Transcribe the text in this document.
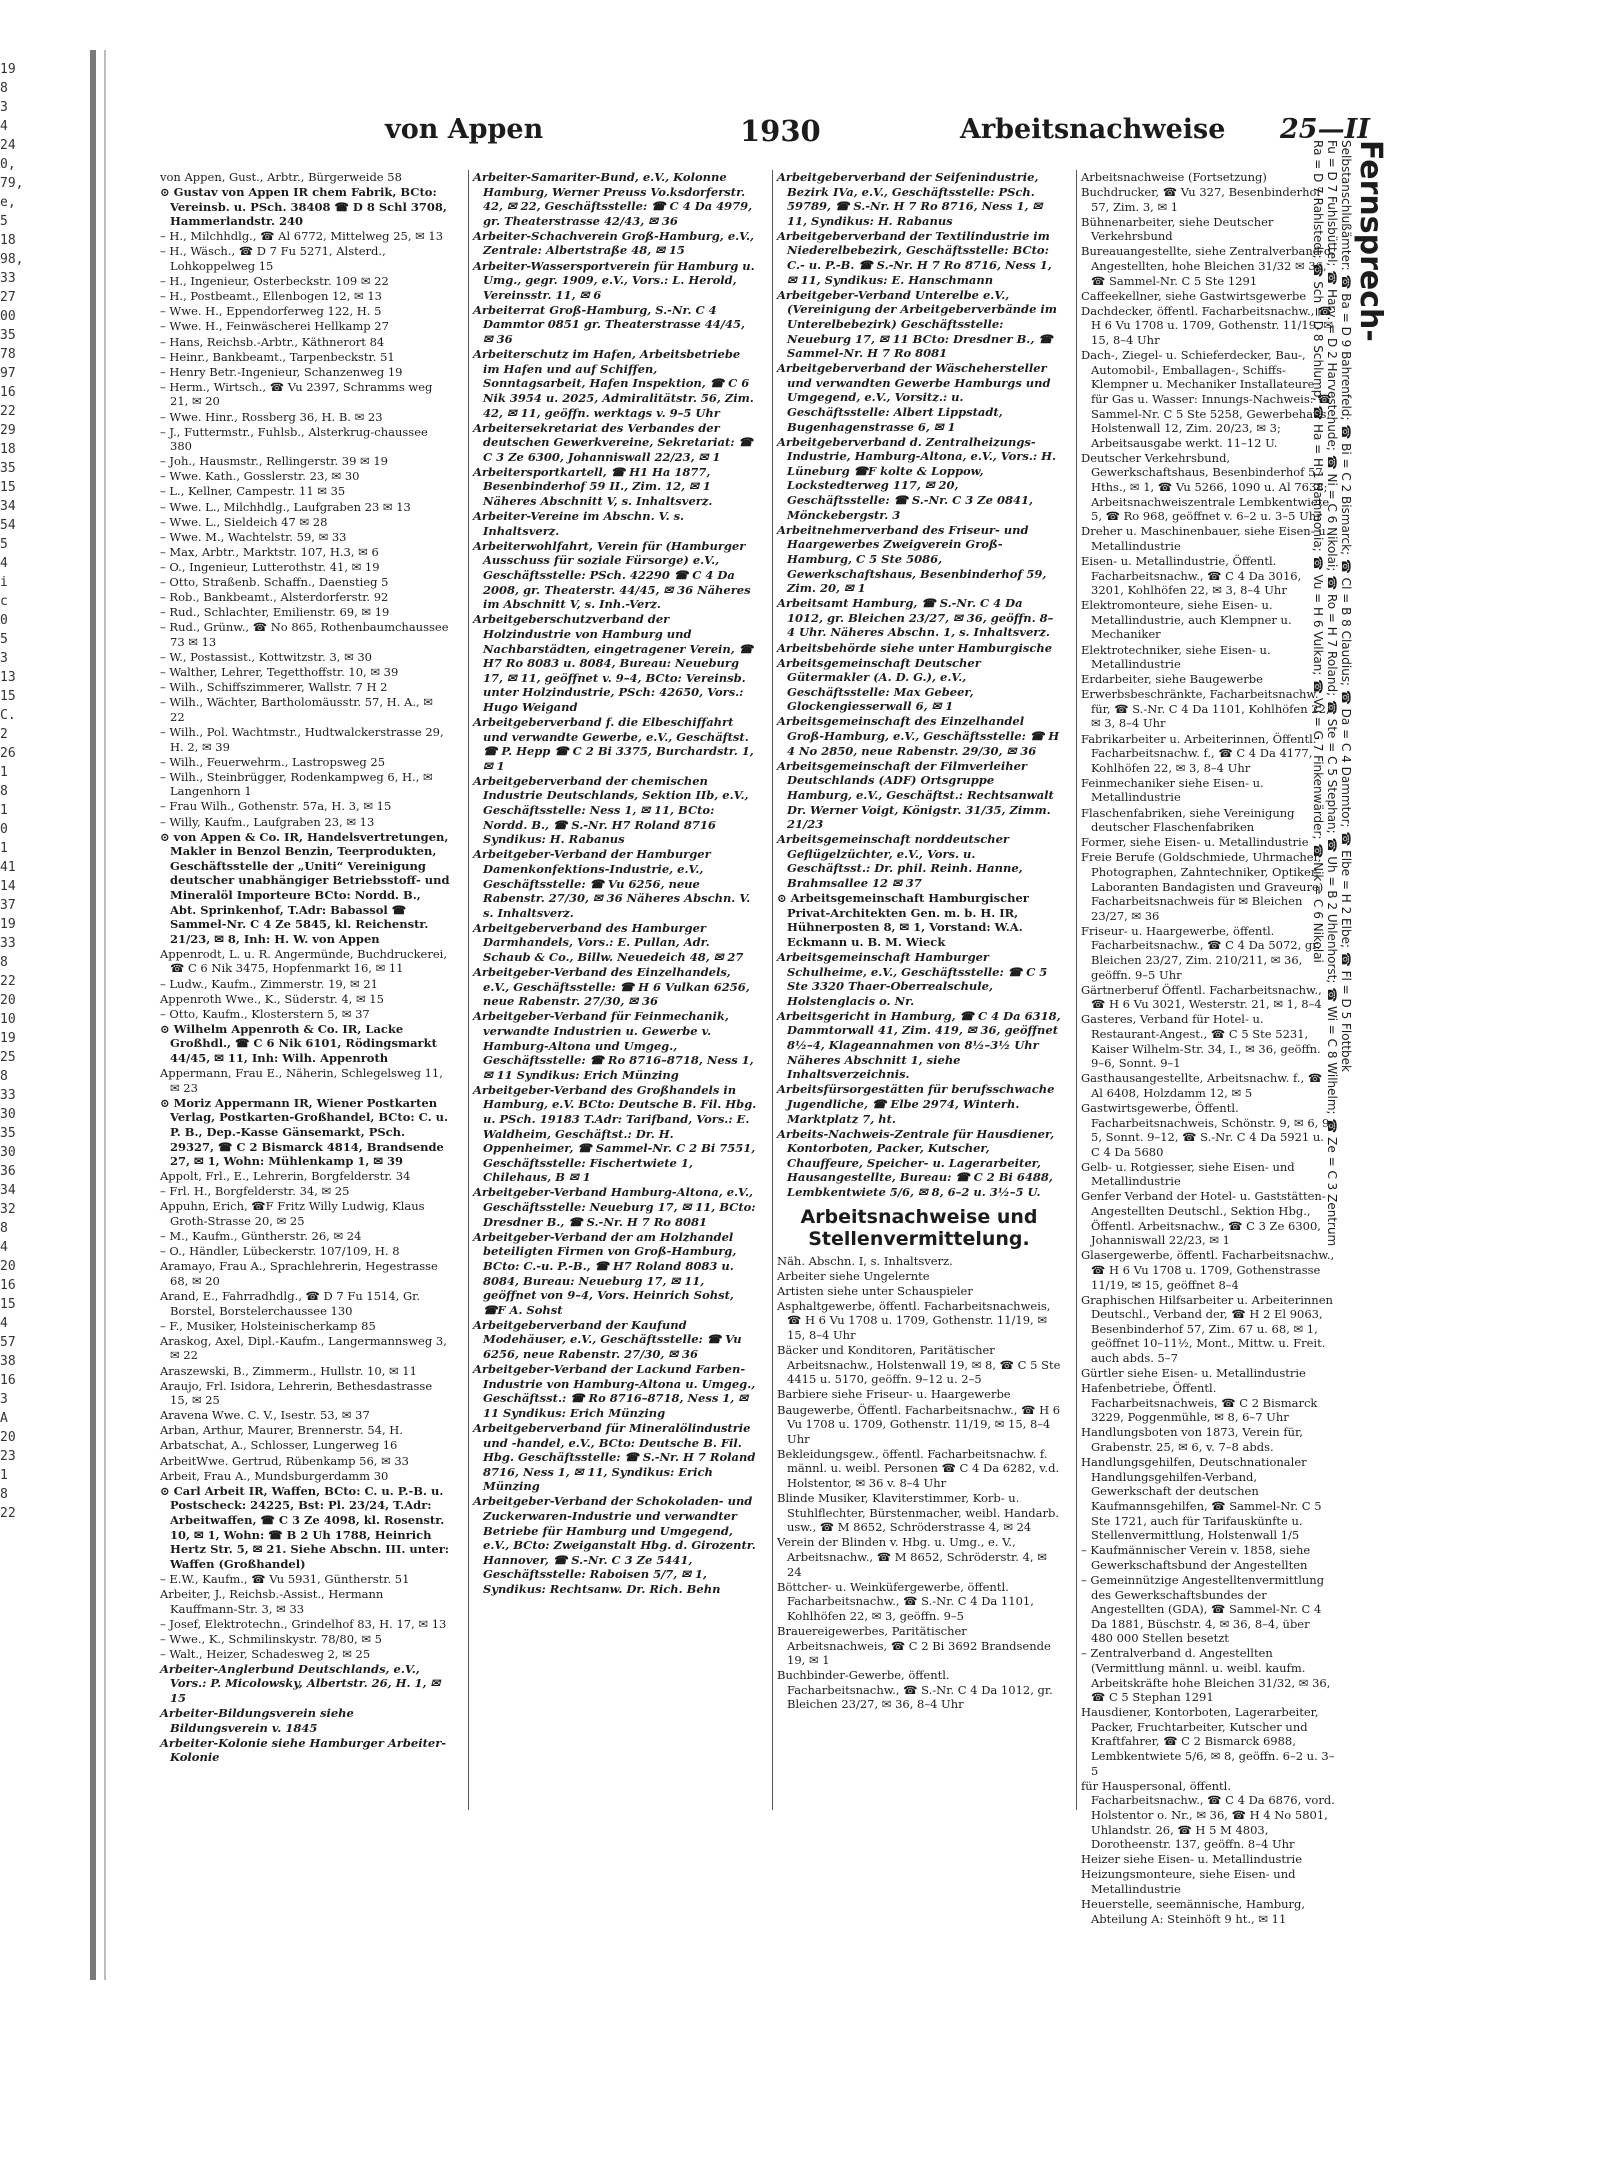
19
8
3
4
24
0,
79,
e,
5
18
98,
33
27
00
35
78
97
16
22
29
18
35
15
34
54
5
4
i
c
0
5
3
13
15
C.
2
26
1
8
1
0
1
41
14
37
19
33
8
22
20
10
19
25
8
33
30
35
30
36
34
32
8
4
20
16
15
4
57
38
16
3
A
20
23
1
8
22
von Appen	1930	Arbeitsnachweise 25—II
von Appen, Gust., Arbtr., Bürgerweide 58
⊙ Gustav von Appen IR chem Fabrik, BCto: Vereinsb. u. PSch. 38408 ☎ D 8 Schl 3708, Hammerlandstr. 240
– H., Milchhdlg., ☎ Al 6772, Mittelweg 25, ✉ 13
– H., Wäsch., ☎ D 7 Fu 5271, Alsterd., Lohkoppelweg 15
– H., Ingenieur, Osterbeckstr. 109 ✉ 22
– H., Postbeamt., Ellenbogen 12, ✉ 13
– Wwe. H., Eppendorferweg 122, H. 5
– Wwe. H., Feinwäscherei Hellkamp 27
– Hans, Reichsb.-Arbtr., Käthnerort 84
– Heinr., Bankbeamt., Tarpenbeckstr. 51
– Henry Betr.-Ingenieur, Schanzenweg 19
– Herm., Wirtsch., ☎ Vu 2397, Schramms weg 21, ✉ 20
– Wwe. Hinr., Rossberg 36, H. B. ✉ 23
– J., Futtermstr., Fuhlsb., Alsterkrug-chaussee 380
– Joh., Hausmstr., Rellingerstr. 39 ✉ 19
– Wwe. Kath., Gosslerstr. 23, ✉ 30
– L., Kellner, Campestr. 11 ✉ 35
– Wwe. L., Milchhdlg., Laufgraben 23 ✉ 13
– Wwe. L., Sieldeich 47 ✉ 28
– Wwe. M., Wachtelstr. 59, ✉ 33
– Max, Arbtr., Marktstr. 107, H.3, ✉ 6
– O., Ingenieur, Lutterothstr. 41, ✉ 19
– Otto, Straßenb. Schaffn., Daenstieg 5
– Rob., Bankbeamt., Alsterdorferstr. 92
– Rud., Schlachter, Emilienstr. 69, ✉ 19
– Rud., Grünw., ☎ No 865, Rothenbaumchaussee 73 ✉ 13
– W., Postassist., Kottwitzstr. 3, ✉ 30
– Walther, Lehrer, Tegetthoffstr. 10, ✉ 39
– Wilh., Schiffszimmerer, Wallstr. 7 H 2
– Wilh., Wächter, Bartholomäusstr. 57, H. A., ✉ 22
– Wilh., Pol. Wachtmstr., Hudtwalckerstrasse 29, H. 2, ✉ 39
– Wilh., Feuerwehrm., Lastropsweg 25
– Wilh., Steinbrügger, Rodenkampweg 6, H., ✉ Langenhorn 1
– Frau Wilh., Gothenstr. 57a, H. 3, ✉ 15
– Willy, Kaufm., Laufgraben 23, ✉ 13
⊙ von Appen & Co. IR, Handelsvertretungen, Makler in Benzol Benzin, Teerprodukten, Geschäftsstelle der „Uniti“ Vereinigung deutscher unabhängiger Betriebsstoff- und Mineralöl Importeure BCto: Nordd. B., Abt. Sprinkenhof, T.Adr: Babassol ☎ Sammel-Nr. C 4 Ze 5845, kl. Reichenstr. 21/23, ✉ 8, Inh: H. W. von Appen
Appenrodt, L. u. R. Angermünde, Buchdruckerei, ☎ C 6 Nik 3475, Hopfenmarkt 16, ✉ 11
– Ludw., Kaufm., Zimmerstr. 19, ✉ 21
Appenroth Wwe., K., Süderstr. 4, ✉ 15
– Otto, Kaufm., Klosterstern 5, ✉ 37
⊙ Wilhelm Appenroth & Co. IR, Lacke Großhdl., ☎ C 6 Nik 6101, Rödingsmarkt 44/45, ✉ 11, Inh: Wilh. Appenroth
Appermann, Frau E., Näherin, Schlegelsweg 11, ✉ 23
⊙ Moriz Appermann IR, Wiener Postkarten Verlag, Postkarten-Großhandel, BCto: C. u. P. B., Dep.-Kasse Gänsemarkt, PSch. 29327, ☎ C 2 Bismarck 4814, Brandsende 27, ✉ 1, Wohn: Mühlenkamp 1, ✉ 39
Appolt, Frl., E., Lehrerin, Borgfelderstr. 34
– Frl. H., Borgfelderstr. 34, ✉ 25
Appuhn, Erich, ☎F Fritz Willy Ludwig, Klaus Groth-Strasse 20, ✉ 25
– M., Kaufm., Güntherstr. 26, ✉ 24
– O., Händler, Lübeckerstr. 107/109, H. 8
Aramayo, Frau A., Sprachlehrerin, Hegestrasse 68, ✉ 20
Arand, E., Fahrradhdlg., ☎ D 7 Fu 1514, Gr. Borstel, Borstelerchaussee 130
– F., Musiker, Holsteinischerkamp 85
Araskog, Axel, Dipl.-Kaufm., Langermannsweg 3, ✉ 22
Araszewski, B., Zimmerm., Hullstr. 10, ✉ 11
Araujo, Frl. Isidora, Lehrerin, Bethesdastrasse 15, ✉ 25
Aravena Wwe. C. V., Isestr. 53, ✉ 37
Arban, Arthur, Maurer, Brennerstr. 54, H.
Arbatschat, A., Schlosser, Lungerweg 16
ArbeitWwe. Gertrud, Rübenkamp 56, ✉ 33
Arbeit, Frau A., Mundsburgerdamm 30
⊙ Carl Arbeit IR, Waffen, BCto: C. u. P.-B. u. Postscheck: 24225, Bst: Pl. 23/24, T.Adr: Arbeitwaffen, ☎ C 3 Ze 4098, kl. Rosenstr. 10, ✉ 1, Wohn: ☎ B 2 Uh 1788, Heinrich Hertz Str. 5, ✉ 21. Siehe Abschn. III. unter: Waffen (Großhandel)
– E.W., Kaufm., ☎ Vu 5931, Güntherstr. 51
Arbeiter, J., Reichsb.-Assist., Hermann Kauffmann-Str. 3, ✉ 33
– Josef, Elektrotechn., Grindelhof 83, H. 17, ✉ 13
– Wwe., K., Schmilinskystr. 78/80, ✉ 5
– Walt., Heizer, Schadesweg 2, ✉ 25
Arbeiter-Anglerbund Deutschlands, e.V., Vors.: P. Micolowsky, Albertstr. 26, H. 1, ✉ 15
Arbeiter-Bildungsverein siehe Bildungsverein v. 1845
Arbeiter-Kolonie siehe Hamburger Arbeiter-Kolonie
Arbeiter-Samariter-Bund, e.V., Kolonne Hamburg, Werner Preuss Vo.ksdorferstr. 42, ✉ 22, Geschäftsstelle: ☎ C 4 Da 4979, gr. Theaterstrasse 42/43, ✉ 36
Arbeiter-Schachverein Groß-Hamburg, e.V., Zentrale: Albertstraße 48, ✉ 15
Arbeiter-Wassersportverein für Hamburg u. Umg., gegr. 1909, e.V., Vors.: L. Herold, Vereinsstr. 11, ✉ 6
Arbeiterrat Groß-Hamburg, S.-Nr. C 4 Dammtor 0851 gr. Theaterstrasse 44/45, ✉ 36
Arbeiterschutz im Hafen, Arbeitsbetriebe im Hafen und auf Schiffen, Sonntagsarbeit, Hafen Inspektion, ☎ C 6 Nik 3954 u. 2025, Admiralitätstr. 56, Zim. 42, ✉ 11, geöffn. werktags v. 9–5 Uhr
Arbeitersekretariat des Verbandes der deutschen Gewerkvereine, Sekretariat: ☎ C 3 Ze 6300, Johanniswall 22/23, ✉ 1
Arbeitersportkartell, ☎ H1 Ha 1877, Besenbinderhof 59 II., Zim. 12, ✉ 1 Näheres Abschnitt V, s. Inhaltsverz.
Arbeiter-Vereine im Abschn. V. s. Inhaltsverz.
Arbeiterwohlfahrt, Verein für (Hamburger Ausschuss für soziale Fürsorge) e.V., Geschäftsstelle: PSch. 42290 ☎ C 4 Da 2008, gr. Theaterstr. 44/45, ✉ 36 Näheres im Abschnitt V, s. Inh.-Verz.
Arbeitgeberschutzverband der Holzindustrie von Hamburg und Nachbarstädten, eingetragener Verein, ☎ H7 Ro 8083 u. 8084, Bureau: Neueburg 17, ✉ 11, geöffnet v. 9–4, BCto: Vereinsb. unter Holzindustrie, PSch: 42650, Vors.: Hugo Weigand
Arbeitgeberverband f. die Elbeschiffahrt und verwandte Gewerbe, e.V., Geschäftst. ☎ P. Hepp ☎ C 2 Bi 3375, Burchardstr. 1, ✉ 1
Arbeitgeberverband der chemischen Industrie Deutschlands, Sektion IIb, e.V., Geschäftsstelle: Ness 1, ✉ 11, BCto: Nordd. B., ☎ S.-Nr. H7 Roland 8716 Syndikus: H. Rabanus
Arbeitgeber-Verband der Hamburger Damenkonfektions-Industrie, e.V., Geschäftsstelle: ☎ Vu 6256, neue Rabenstr. 27/30, ✉ 36 Näheres Abschn. V. s. Inhaltsverz.
Arbeitgeberverband des Hamburger Darmhandels, Vors.: E. Pullan, Adr. Schaub & Co., Billw. Neuedeich 48, ✉ 27
Arbeitgeber-Verband des Einzelhandels, e.V., Geschäftsstelle: ☎ H 6 Vulkan 6256, neue Rabenstr. 27/30, ✉ 36
Arbeitgeber-Verband für Feinmechanik, verwandte Industrien u. Gewerbe v. Hamburg-Altona und Umgeg., Geschäftsstelle: ☎ Ro 8716–8718, Ness 1, ✉ 11 Syndikus: Erich Münzing
Arbeitgeber-Verband des Großhandels in Hamburg, e.V. BCto: Deutsche B. Fil. Hbg. u. PSch. 19183 T.Adr: Tarifband, Vors.: E. Waldheim, Geschäftst.: Dr. H. Oppenheimer, ☎ Sammel-Nr. C 2 Bi 7551, Geschäftsstelle: Fischertwiete 1, Chilehaus, B ✉ 1
Arbeitgeber-Verband Hamburg-Altona, e.V., Geschäftsstelle: Neueburg 17, ✉ 11, BCto: Dresdner B., ☎ S.-Nr. H 7 Ro 8081
Arbeitgeber-Verband der am Holzhandel beteiligten Firmen von Groß-Hamburg, BCto: C.-u. P.-B., ☎ H7 Roland 8083 u. 8084, Bureau: Neueburg 17, ✉ 11, geöffnet von 9–4, Vors. Heinrich Sohst, ☎F A. Sohst
Arbeitgeberverband der Kaufund Modehäuser, e.V., Geschäftsstelle: ☎ Vu 6256, neue Rabenstr. 27/30, ✉ 36
Arbeitgeber-Verband der Lackund Farben-Industrie von Hamburg-Altona u. Umgeg., Geschäftsst.: ☎ Ro 8716–8718, Ness 1, ✉ 11 Syndikus: Erich Münzing
Arbeitgeberverband für Mineralölindustrie und -handel, e.V., BCto: Deutsche B. Fil. Hbg. Geschäftsstelle: ☎ S.-Nr. H 7 Roland 8716, Ness 1, ✉ 11, Syndikus: Erich Münzing
Arbeitgeber-Verband der Schokoladen- und Zuckerwaren-Industrie und verwandter Betriebe für Hamburg und Umgegend, e.V., BCto: Zweiganstalt Hbg. d. Girozentr. Hannover, ☎ S.-Nr. C 3 Ze 5441, Geschäftsstelle: Raboisen 5/7, ✉ 1, Syndikus: Rechtsanw. Dr. Rich. Behn
Arbeitgeberverband der Seifenindustrie, Bezirk IVa, e.V., Geschäftsstelle: PSch. 59789, ☎ S.-Nr. H 7 Ro 8716, Ness 1, ✉ 11, Syndikus: H. Rabanus
Arbeitgeberverband der Textilindustrie im Niederelbebezirk, Geschäftsstelle: BCto: C.- u. P.-B. ☎ S.-Nr. H 7 Ro 8716, Ness 1, ✉ 11, Syndikus: E. Hanschmann
Arbeitgeber-Verband Unterelbe e.V., (Vereinigung der Arbeitgeberverbände im Unterelbebezirk) Geschäftsstelle: Neueburg 17, ✉ 11 BCto: Dresdner B., ☎ Sammel-Nr. H 7 Ro 8081
Arbeitgeberverband der Wäschehersteller und verwandten Gewerbe Hamburgs und Umgegend, e.V., Vorsitz.: u. Geschäftsstelle: Albert Lippstadt, Bugenhagenstrasse 6, ✉ 1
Arbeitgeberverband d. Zentralheizungs-Industrie, Hamburg-Altona, e.V., Vors.: H. Lüneburg ☎F kolte & Loppow, Lockstedterweg 117, ✉ 20, Geschäftsstelle: ☎ S.-Nr. C 3 Ze 0841, Mönckebergstr. 3
Arbeitnehmerverband des Friseur- und Haargewerbes Zweigverein Groß-Hamburg, C 5 Ste 5086, Gewerkschaftshaus, Besenbinderhof 59, Zim. 20, ✉ 1
Arbeitsamt Hamburg, ☎ S.-Nr. C 4 Da 1012, gr. Bleichen 23/27, ✉ 36, geöffn. 8–4 Uhr. Näheres Abschn. 1, s. Inhaltsverz.
Arbeitsbehörde siehe unter Hamburgische
Arbeitsgemeinschaft Deutscher Gütermakler (A. D. G.), e.V., Geschäftsstelle: Max Gebeer, Glockengiesserwall 6, ✉ 1
Arbeitsgemeinschaft des Einzelhandel Groß-Hamburg, e.V., Geschäftsstelle: ☎ H 4 No 2850, neue Rabenstr. 29/30, ✉ 36
Arbeitsgemeinschaft der Filmverleiher Deutschlands (ADF) Ortsgruppe Hamburg, e.V., Geschäftst.: Rechtsanwalt Dr. Werner Voigt, Königstr. 31/35, Zimm. 21/23
Arbeitsgemeinschaft norddeutscher Geflügelzüchter, e.V., Vors. u. Geschäftsst.: Dr. phil. Reinh. Hanne, Brahmsallee 12 ✉ 37
⊙ Arbeitsgemeinschaft Hamburgischer Privat-Architekten Gen. m. b. H. IR, Hühnerposten 8, ✉ 1, Vorstand: W.A. Eckmann u. B. M. Wieck
Arbeitsgemeinschaft Hamburger Schulheime, e.V., Geschäftsstelle: ☎ C 5 Ste 3320 Thaer-Oberrealschule, Holstenglacis o. Nr.
Arbeitsgericht in Hamburg, ☎ C 4 Da 6318, Dammtorwall 41, Zim. 419, ✉ 36, geöffnet 8½–4, Klageannahmen von 8½–3½ Uhr Näheres Abschnitt 1, siehe Inhaltsverzeichnis.
Arbeitsfürsorgestätten für berufsschwache Jugendliche, ☎ Elbe 2974, Winterh. Marktplatz 7, ht.
Arbeits-Nachweis-Zentrale für Hausdiener, Kontorboten, Packer, Kutscher, Chauffeure, Speicher- u. Lagerarbeiter, Hausangestellte, Bureau: ☎ C 2 Bi 6488, Lembkentwiete 5/6, ✉ 8, 6–2 u. 3½–5 U.
Arbeitsnachweise und Stellenvermittelung.
Näh. Abschn. I, s. Inhaltsverz.
Arbeiter siehe Ungelernte
Artisten siehe unter Schauspieler
Asphaltgewerbe, öffentl. Facharbeitsnachweis, ☎ H 6 Vu 1708 u. 1709, Gothenstr. 11/19, ✉ 15, 8–4 Uhr
Bäcker und Konditoren, Paritätischer Arbeitsnachw., Holstenwall 19, ✉ 8, ☎ C 5 Ste 4415 u. 5170, geöffn. 9–12 u. 2–5
Barbiere siehe Friseur- u. Haargewerbe
Baugewerbe, Öffentl. Facharbeitsnachw., ☎ H 6 Vu 1708 u. 1709, Gothenstr. 11/19, ✉ 15, 8–4 Uhr
Bekleidungsgew., öffentl. Facharbeitsnachw. f. männl. u. weibl. Personen ☎ C 4 Da 6282, v.d. Holstentor, ✉ 36 v. 8–4 Uhr
Blinde Musiker, Klaviterstimmer, Korb- u. Stuhlflechter, Bürstenmacher, weibl. Handarb. usw., ☎ M 8652, Schröderstrasse 4, ✉ 24
Verein der Blinden v. Hbg. u. Umg., e. V., Arbeitsnachw., ☎ M 8652, Schröderstr. 4, ✉ 24
Böttcher- u. Weinküfergewerbe, öffentl. Facharbeitsnachw., ☎ S.-Nr. C 4 Da 1101, Kohlhöfen 22, ✉ 3, geöffn. 9–5
Brauereigewerbes, Paritätischer Arbeitsnachweis, ☎ C 2 Bi 3692 Brandsende 19, ✉ 1
Buchbinder-Gewerbe, öffentl. Facharbeitsnachw., ☎ S.-Nr. C 4 Da 1012, gr. Bleichen 23/27, ✉ 36, 8–4 Uhr
Arbeitsnachweise (Fortsetzung)
Buchdrucker, ☎ Vu 327, Besenbinderhof 57, Zim. 3, ✉ 1
Bühnenarbeiter, siehe Deutscher Verkehrsbund
Bureauangestellte, siehe Zentralverband d. Angestellten, hohe Bleichen 31/32 ✉ 36, ☎ Sammel-Nr. C 5 Ste 1291
Caffeekellner, siehe Gastwirtsgewerbe
Dachdecker, öffentl. Facharbeitsnachw., ☎ H 6 Vu 1708 u. 1709, Gothenstr. 11/19, ✉ 15, 8–4 Uhr
Dach-, Ziegel- u. Schieferdecker, Bau-, Automobil-, Emballagen-, Schiffs-Klempner u. Mechaniker Installateure für Gas u. Wasser: Innungs-Nachweis: ☎ Sammel-Nr. C 5 Ste 5258, Gewerbehaus, Holstenwall 12, Zim. 20/23, ✉ 3; Arbeitsausgabe werkt. 11–12 U.
Deutscher Verkehrsbund, Gewerkschaftshaus, Besenbinderhof 57 Hths., ✉ 1, ☎ Vu 5266, 1090 u. Al 7638; Arbeitsnachweiszentrale Lembkentwiete 5, ☎ Ro 968, geöffnet v. 6–2 u. 3–5 Uhr
Dreher u. Maschinenbauer, siehe Eisen- u. Metallindustrie
Eisen- u. Metallindustrie, Öffentl. Facharbeitsnachw., ☎ C 4 Da 3016, 3201, Kohlhöfen 22, ✉ 3, 8–4 Uhr
Elektromonteure, siehe Eisen- u. Metallindustrie, auch Klempner u. Mechaniker
Elektrotechniker, siehe Eisen- u. Metallindustrie
Erdarbeiter, siehe Baugewerbe
Erwerbsbeschränkte, Facharbeitsnachw. für, ☎ S.-Nr. C 4 Da 1101, Kohlhöfen 22, ✉ 3, 8–4 Uhr
Fabrikarbeiter u. Arbeiterinnen, Öffentl. Facharbeitsnachw. f., ☎ C 4 Da 4177, Kohlhöfen 22, ✉ 3, 8–4 Uhr
Feinmechaniker siehe Eisen- u. Metallindustrie
Flaschenfabriken, siehe Vereinigung deutscher Flaschenfabriken
Former, siehe Eisen- u. Metallindustrie
Freie Berufe (Goldschmiede, Uhrmacher, Photographen, Zahntechniker, Optiker, Laboranten Bandagisten und Graveure) Facharbeitsnachweis für ✉ Bleichen 23/27, ✉ 36
Friseur- u. Haargewerbe, öffentl. Facharbeitsnachw., ☎ C 4 Da 5072, gr. Bleichen 23/27, Zim. 210/211, ✉ 36, geöffn. 9–5 Uhr
Gärtnerberuf Öffentl. Facharbeitsnachw., ☎ H 6 Vu 3021, Westerstr. 21, ✉ 1, 8–4
Gasteres, Verband für Hotel- u. Restaurant-Angest., ☎ C 5 Ste 5231, Kaiser Wilhelm-Str. 34, I., ✉ 36, geöffn. 9–6, Sonnt. 9–1
Gasthausangestellte, Arbeitsnachw. f., ☎ Al 6408, Holzdamm 12, ✉ 5
Gastwirtsgewerbe, Öffentl. Facharbeitsnachweis, Schönstr. 9, ✉ 6, 9–5, Sonnt. 9–12, ☎ S.-Nr. C 4 Da 5921 u. C 4 Da 5680
Gelb- u. Rotgiesser, siehe Eisen- und Metallindustrie
Genfer Verband der Hotel- u. Gaststätten-Angestellten Deutschl., Sektion Hbg., Öffentl. Arbeitsnachw., ☎ C 3 Ze 6300, Johanniswall 22/23, ✉ 1
Glasergewerbe, öffentl. Facharbeitsnachw., ☎ H 6 Vu 1708 u. 1709, Gothenstrasse 11/19, ✉ 15, geöffnet 8–4
Graphischen Hilfsarbeiter u. Arbeiterinnen Deutschl., Verband der, ☎ H 2 El 9063, Besenbinderhof 57, Zim. 67 u. 68, ✉ 1, geöffnet 10–11½, Mont., Mittw. u. Freit. auch abds. 5–7
Gürtler siehe Eisen- u. Metallindustrie
Hafenbetriebe, Öffentl. Facharbeitsnachweis, ☎ C 2 Bismarck 3229, Poggenmühle, ✉ 8, 6–7 Uhr
Handlungsboten von 1873, Verein für, Grabenstr. 25, ✉ 6, v. 7–8 abds.
Handlungsgehilfen, Deutschnationaler Handlungsgehilfen-Verband, Gewerkschaft der deutschen Kaufmannsgehilfen, ☎ Sammel-Nr. C 5 Ste 1721, auch für Tarifauskünfte u. Stellenvermittlung, Holstenwall 1/5
– Kaufmännischer Verein v. 1858, siehe Gewerkschaftsbund der Angestellten
– Gemeinnützige Angestelltenvermittlung des Gewerkschaftsbundes der Angestellten (GDA), ☎ Sammel-Nr. C 4 Da 1881, Büschstr. 4, ✉ 36, 8–4, über 480 000 Stellen besetzt
– Zentralverband d. Angestellten (Vermittlung männl. u. weibl. kaufm. Arbeitskräfte hohe Bleichen 31/32, ✉ 36, ☎ C 5 Stephan 1291
Hausdiener, Kontorboten, Lagerarbeiter, Packer, Fruchtarbeiter, Kutscher und Kraftfahrer, ☎ C 2 Bismarck 6988, Lembkentwiete 5/6, ✉ 8, geöffn. 6–2 u. 3–5
für Hauspersonal, öffentl. Facharbeitsnachw., ☎ C 4 Da 6876, vord. Holstentor o. Nr., ✉ 36, ☎ H 4 No 5801, Uhlandstr. 26, ☎ H 5 M 4803, Dorotheenstr. 137, geöffn. 8–4 Uhr
Heizer siehe Eisen- u. Metallindustrie
Heizungsmonteure, siehe Eisen- und Metallindustrie
Heuerstelle, seemännische, Hamburg, Abteilung A: Steinhöft 9 ht., ✉ 11
Fernsprech-
Selbstanschlußämter: ☎ Ba = D 9 Bahrenfeld; ☎ Bi = C 2 Bismarck; ☎ Cl = B 8 Claudius; ☎ Da = C 4 Dammtor; ☎ Elbe = H 2 Elbe; ☎ Fl = D 5 Flottbek
Fu = D 7 Fuhlsbüttel; ☎ Harv. = D 2 Harvestehude; ☎ Ni = C 6 Nikolai; ☎ Ro = H 7 Roland; ☎ Ste = C 5 Stephan; ☎ Uh = B 2 Uhlenhorst; ☎ Wi = C 8 Wilhelm; ☎ Ze = C 3 Zentrum
Ra = D 7 Rahlstedt; ☎ Sch = D 8 Schlump; ☎ Ha = H 1 Hammonia; ☎ Vu = H 6 Vulkan; ☎ Vu = G 7 Finkenwärder; ☎ Nik = C 6 Nikolai
